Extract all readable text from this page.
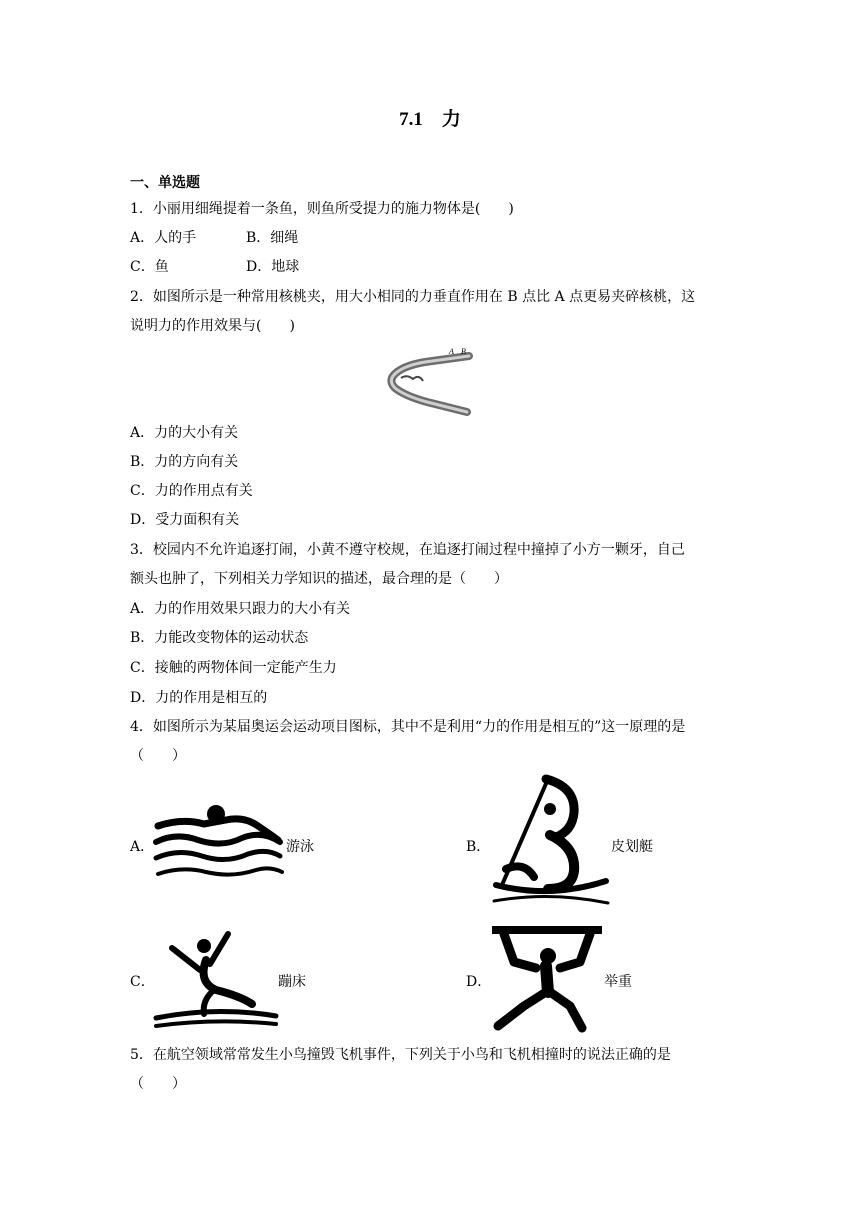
7.1　力
一、单选题
1．小丽用细绳提着一条鱼，则鱼所受提力的施力物体是(　　)
A．人的手	B．细绳
C．鱼	D．地球
2．如图所示是一种常用核桃夹，用大小相同的力垂直作用在 B 点比 A 点更易夹碎核桃，这
说明力的作用效果与(　　)
A B
A．力的大小有关
B．力的方向有关
C．力的作用点有关
D．受力面积有关
3．校园内不允许追逐打闹，小黄不遵守校规，在追逐打闹过程中撞掉了小方一颗牙，自己
额头也肿了，下列相关力学知识的描述，最合理的是（　　）
A．力的作用效果只跟力的大小有关
B．力能改变物体的运动状态
C．接触的两物体间一定能产生力
D．力的作用是相互的
4．如图所示为某届奥运会运动项目图标，其中不是利用“力的作用是相互的”这一原理的是
（　　）
A．	游泳	B．	皮划艇
C．	蹦床	D．	举重
5．在航空领域常常发生小鸟撞毁飞机事件，下列关于小鸟和飞机相撞时的说法正确的是
（　　）
